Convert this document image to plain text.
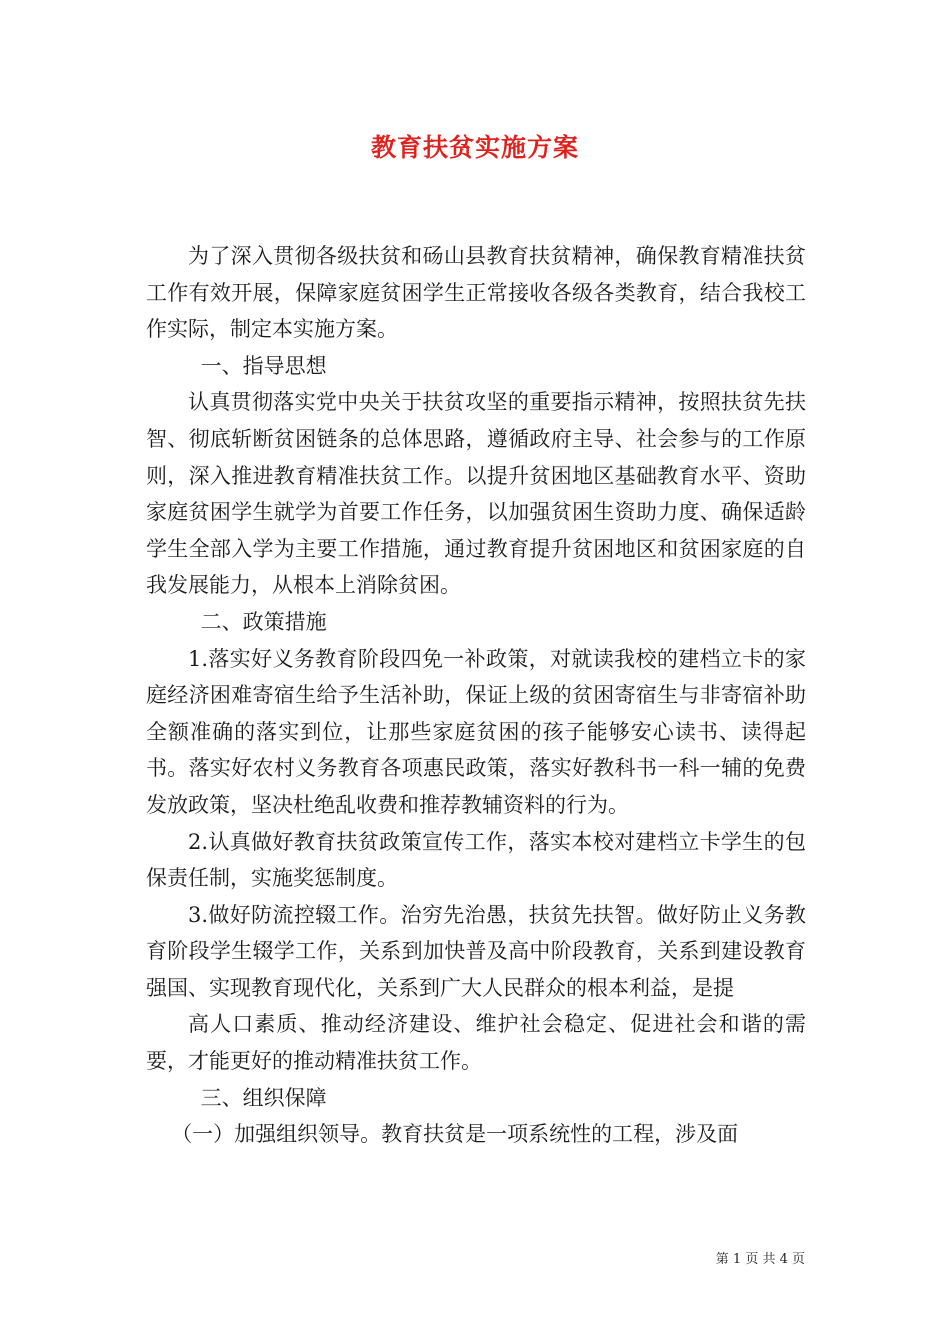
教育扶贫实施方案

为了深入贯彻各级扶贫和砀山县教育扶贫精神，确保教育精准扶贫工作有效开展，保障家庭贫困学生正常接收各级各类教育，结合我校工作实际，制定本实施方案。

一、指导思想

认真贯彻落实党中央关于扶贫攻坚的重要指示精神，按照扶贫先扶智、彻底斩断贫困链条的总体思路，遵循政府主导、社会参与的工作原则，深入推进教育精准扶贫工作。以提升贫困地区基础教育水平、资助家庭贫困学生就学为首要工作任务，以加强贫困生资助力度、确保适龄学生全部入学为主要工作措施，通过教育提升贫困地区和贫困家庭的自我发展能力，从根本上消除贫困。

二、政策措施

1.落实好义务教育阶段四免一补政策，对就读我校的建档立卡的家庭经济困难寄宿生给予生活补助，保证上级的贫困寄宿生与非寄宿补助全额准确的落实到位，让那些家庭贫困的孩子能够安心读书、读得起书。落实好农村义务教育各项惠民政策，落实好教科书一科一辅的免费发放政策，坚决杜绝乱收费和推荐教辅资料的行为。

2.认真做好教育扶贫政策宣传工作，落实本校对建档立卡学生的包保责任制，实施奖惩制度。

3.做好防流控辍工作。治穷先治愚，扶贫先扶智。做好防止义务教育阶段学生辍学工作，关系到加快普及高中阶段教育，关系到建设教育强国、实现教育现代化，关系到广大人民群众的根本利益，是提

高人口素质、推动经济建设、维护社会稳定、促进社会和谐的需要，才能更好的推动精准扶贫工作。

三、组织保障

（一）加强组织领导。教育扶贫是一项系统性的工程，涉及面

第 1 页 共 4 页
